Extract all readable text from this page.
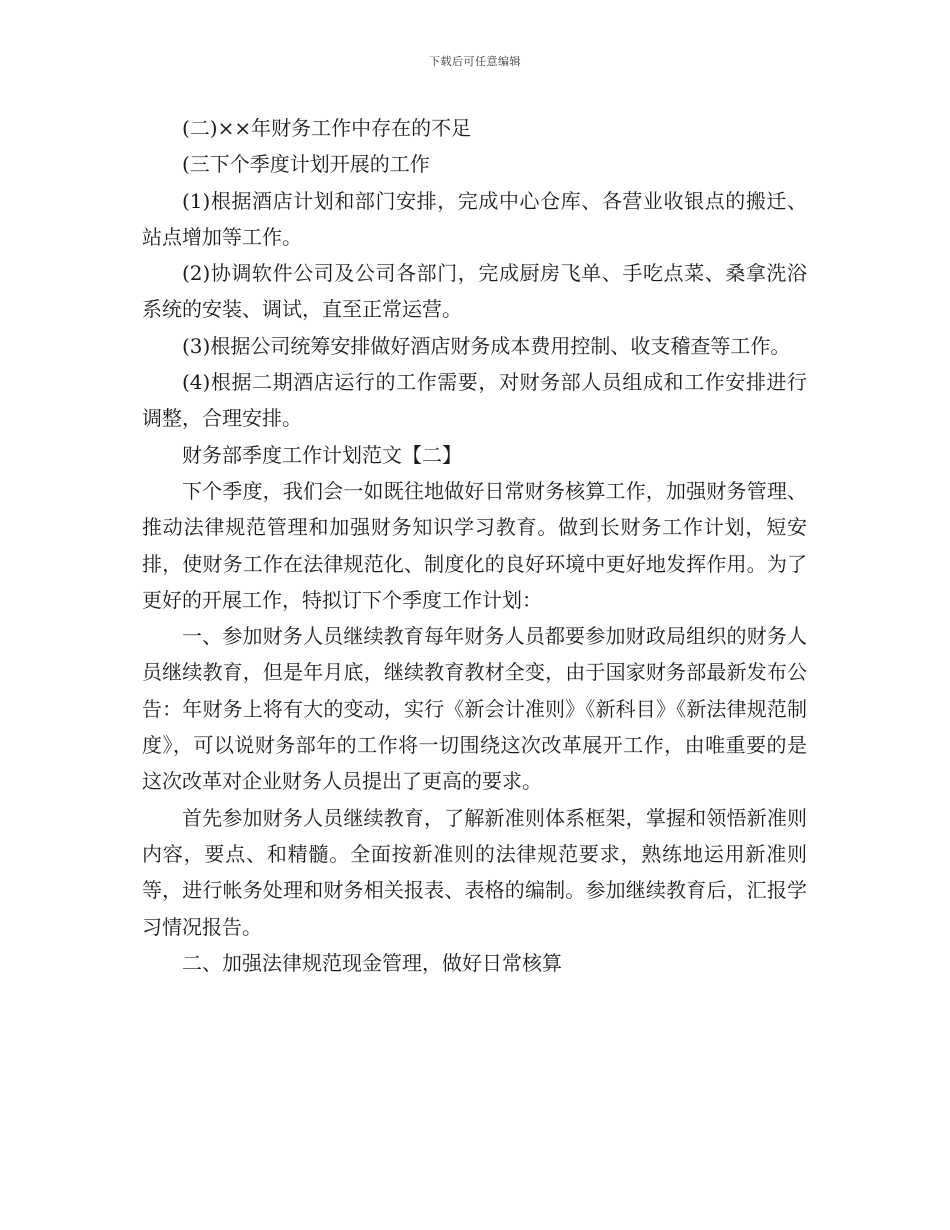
下载后可任意编辑

(二)××年财务工作中存在的不足

(三下个季度计划开展的工作

(1)根据酒店计划和部门安排，完成中心仓库、各营业收银点的搬迁、站点增加等工作。

(2)协调软件公司及公司各部门，完成厨房飞单、手吃点菜、桑拿洗浴系统的安装、调试，直至正常运营。

(3)根据公司统筹安排做好酒店财务成本费用控制、收支稽查等工作。

(4)根据二期酒店运行的工作需要，对财务部人员组成和工作安排进行调整，合理安排。

财务部季度工作计划范文【二】

下个季度，我们会一如既往地做好日常财务核算工作，加强财务管理、推动法律规范管理和加强财务知识学习教育。做到长财务工作计划，短安排，使财务工作在法律规范化、制度化的良好环境中更好地发挥作用。为了更好的开展工作，特拟订下个季度工作计划：

一、参加财务人员继续教育每年财务人员都要参加财政局组织的财务人员继续教育，但是年月底，继续教育教材全变，由于国家财务部最新发布公告：年财务上将有大的变动，实行《新会计准则》《新科目》《新法律规范制度》，可以说财务部年的工作将一切围绕这次改革展开工作，由唯重要的是这次改革对企业财务人员提出了更高的要求。

首先参加财务人员继续教育，了解新准则体系框架，掌握和领悟新准则内容，要点、和精髓。全面按新准则的法律规范要求，熟练地运用新准则等，进行帐务处理和财务相关报表、表格的编制。参加继续教育后，汇报学习情况报告。

二、加强法律规范现金管理，做好日常核算
